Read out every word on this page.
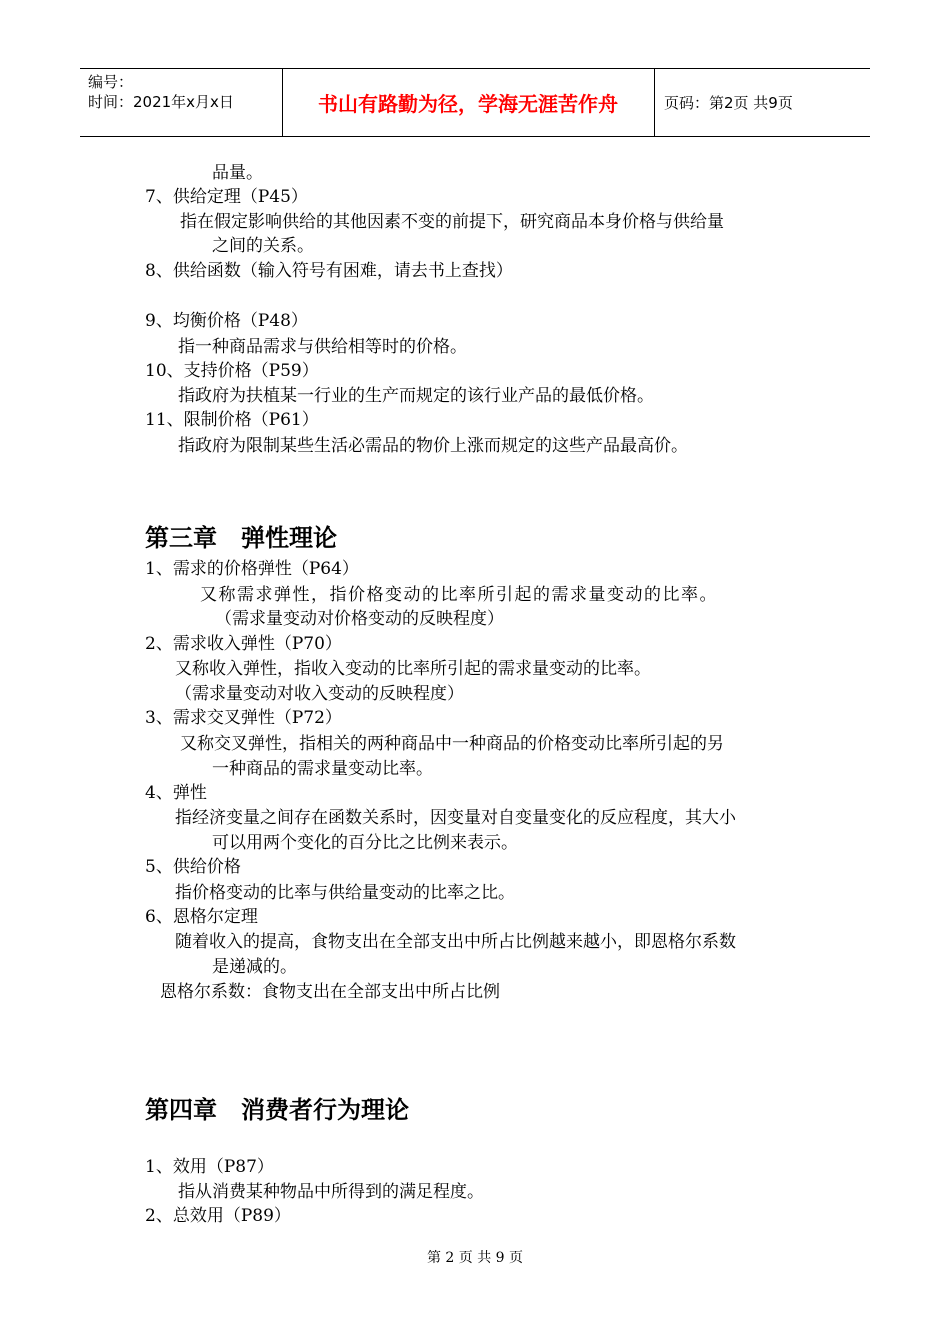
编号：
时间：2021年x月x日	书山有路勤为径，学海无涯苦作舟	页码：第2页 共9页
品量。
7、供给定理（P45）
指在假定影响供给的其他因素不变的前提下，研究商品本身价格与供给量
之间的关系。
8、供给函数（输入符号有困难，请去书上查找）
9、均衡价格（P48）
指一种商品需求与供给相等时的价格。
10、支持价格（P59）
指政府为扶植某一行业的生产而规定的该行业产品的最低价格。
11、限制价格（P61）
指政府为限制某些生活必需品的物价上涨而规定的这些产品最高价。
第三章　弹性理论
1、需求的价格弹性（P64）
又称需求弹性，指价格变动的比率所引起的需求量变动的比率。
（需求量变动对价格变动的反映程度）
2、需求收入弹性（P70）
又称收入弹性，指收入变动的比率所引起的需求量变动的比率。
（需求量变动对收入变动的反映程度）
3、需求交叉弹性（P72）
又称交叉弹性，指相关的两种商品中一种商品的价格变动比率所引起的另
一种商品的需求量变动比率。
4、弹性
指经济变量之间存在函数关系时，因变量对自变量变化的反应程度，其大小
可以用两个变化的百分比之比例来表示。
5、供给价格
指价格变动的比率与供给量变动的比率之比。
6、恩格尔定理
随着收入的提高，食物支出在全部支出中所占比例越来越小，即恩格尔系数
是递减的。
恩格尔系数：食物支出在全部支出中所占比例
第四章　消费者行为理论
1、效用（P87）
指从消费某种物品中所得到的满足程度。
2、总效用（P89）
第 2 页 共 9 页
